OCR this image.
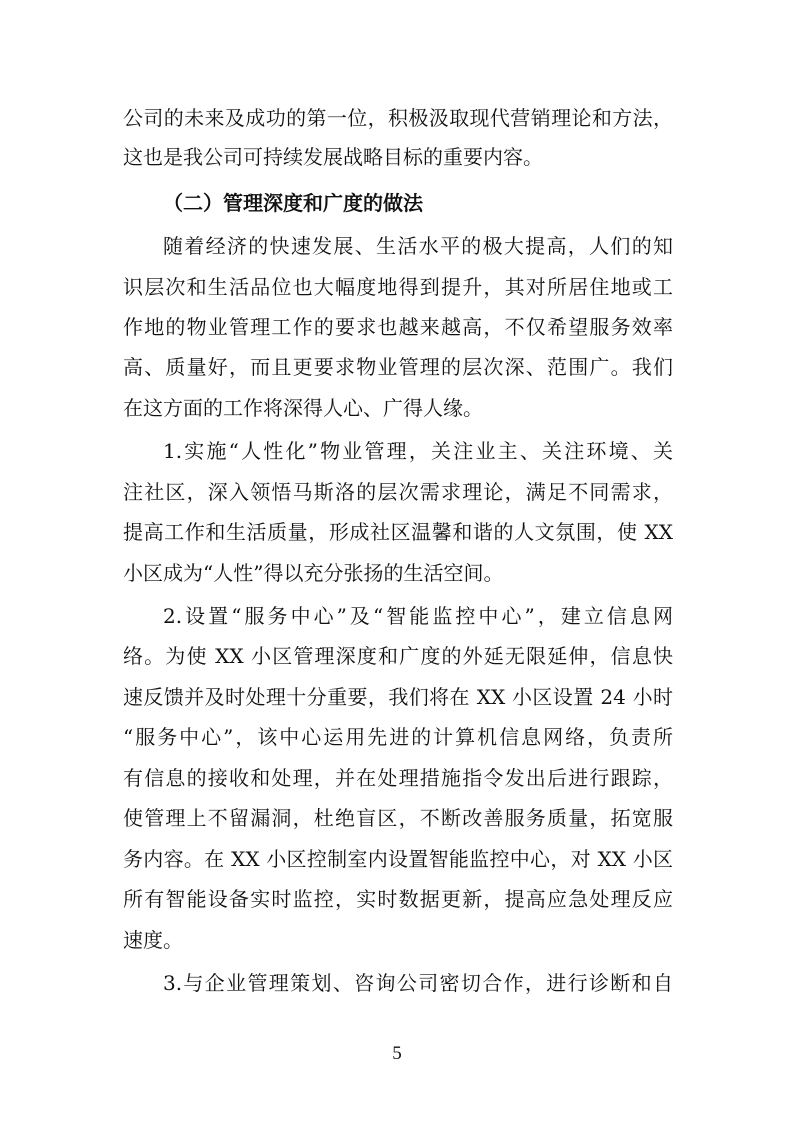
公司的未来及成功的第一位，积极汲取现代营销理论和方法，
这也是我公司可持续发展战略目标的重要内容。
（二）管理深度和广度的做法
随着经济的快速发展、生活水平的极大提高，人们的知
识层次和生活品位也大幅度地得到提升，其对所居住地或工
作地的物业管理工作的要求也越来越高，不仅希望服务效率
高、质量好，而且更要求物业管理的层次深、范围广。我们
在这方面的工作将深得人心、广得人缘。
1.实施“人性化”物业管理，关注业主、关注环境、关
注社区，深入领悟马斯洛的层次需求理论，满足不同需求，
提高工作和生活质量，形成社区温馨和谐的人文氛围，使 XX
小区成为“人性”得以充分张扬的生活空间。
2.设置“服务中心”及“智能监控中心”，建立信息网
络。为使 XX 小区管理深度和广度的外延无限延伸，信息快
速反馈并及时处理十分重要，我们将在 XX 小区设置 24 小时
“服务中心”，该中心运用先进的计算机信息网络，负责所
有信息的接收和处理，并在处理措施指令发出后进行跟踪，
使管理上不留漏洞，杜绝盲区，不断改善服务质量，拓宽服
务内容。在 XX 小区控制室内设置智能监控中心，对 XX 小区
所有智能设备实时监控，实时数据更新，提高应急处理反应
速度。
3.与企业管理策划、咨询公司密切合作，进行诊断和自
5
